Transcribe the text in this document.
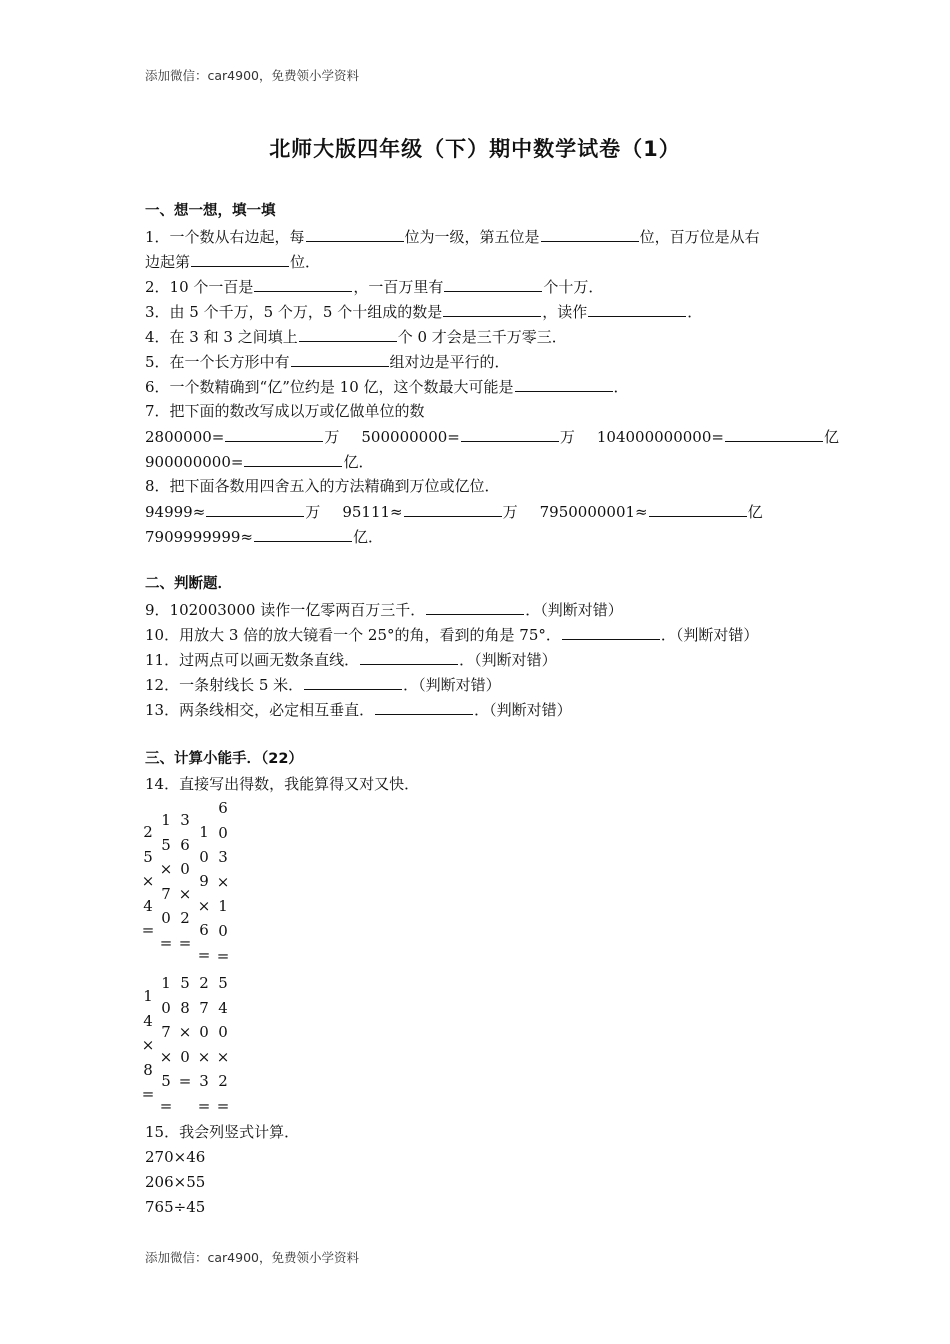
添加微信：car4900，免费领小学资料
北师大版四年级（下）期中数学试卷（1）
一、想一想，填一填
1．一个数从右边起，每	位为一级，第五位是	位，百万位是从右
边起第	位．
2．10 个一百是	，一百万里有	个十万．
3．由 5 个千万，5 个万，5 个十组成的数是	，读作	．
4．在 3 和 3 之间填上	个 0 才会是三千万零三．
5．在一个长方形中有	组对边是平行的．
6．一个数精确到“亿”位约是 10 亿，这个数最大可能是	．
7．把下面的数改写成以万或亿做单位的数
2800000=	万 500000000=	万 104000000000=	亿
900000000=	亿．
8．把下面各数用四舍五入的方法精确到万位或亿位．
94999≈	万 95111≈	万 7950000001≈	亿
7909999999≈	亿．
二、判断题．
9．102003000 读作一亿零两百万三千．	．（判断对错）
10．用放大 3 倍的放大镜看一个 25°的角，看到的角是 75°．	．（判断对错）
11．过两点可以画无数条直线．	．（判断对错）
12．一条射线长 5 米．	．（判断对错）
13．两条线相交，必定相互垂直．	．（判断对错）
三、计算小能手．（22）
14．直接写出得数，我能算得又对又快．
2
5
×
4
=
1
5
×
7
0
=
3
6
0
×
2
=
1
0
9
×
6
=
6
0
3
×
1
0
=
1
4
×
8
=
1
0
7
×
5
=
5
8
×
0
=
2
7
0
×
3
=
5
4
0
×
2
=
15．我会列竖式计算．
270×46
206×55
765÷45
添加微信：car4900，免费领小学资料
